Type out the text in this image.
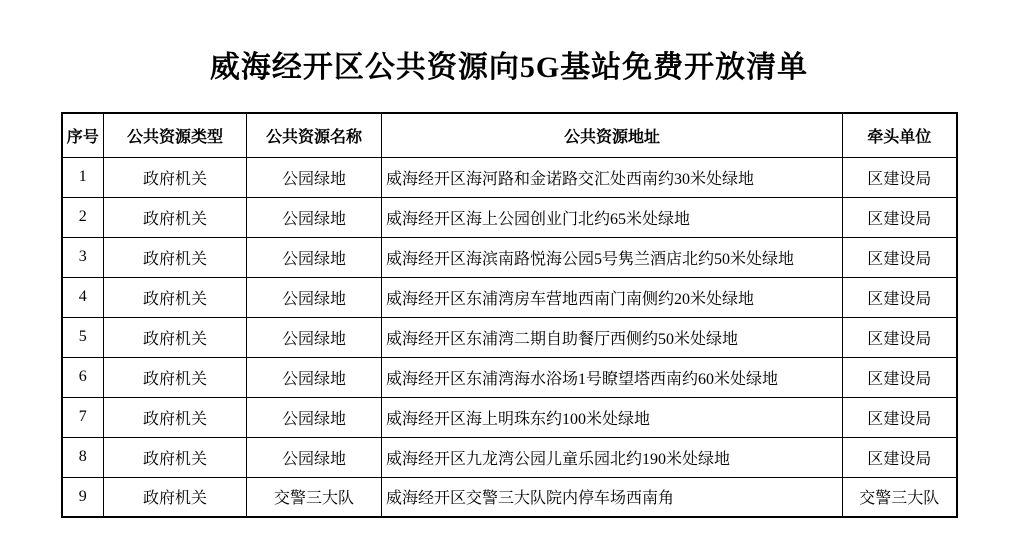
威海经开区公共资源向5G基站免费开放清单
序号	公共资源类型	公共资源名称	公共资源地址	牵头单位
1	政府机关	公园绿地	威海经开区海河路和金诺路交汇处西南约30米处绿地	区建设局
2	政府机关	公园绿地	威海经开区海上公园创业门北约65米处绿地	区建设局
3	政府机关	公园绿地	威海经开区海滨南路悦海公园5号隽兰酒店北约50米处绿地	区建设局
4	政府机关	公园绿地	威海经开区东浦湾房车营地西南门南侧约20米处绿地	区建设局
5	政府机关	公园绿地	威海经开区东浦湾二期自助餐厅西侧约50米处绿地	区建设局
6	政府机关	公园绿地	威海经开区东浦湾海水浴场1号瞭望塔西南约60米处绿地	区建设局
7	政府机关	公园绿地	威海经开区海上明珠东约100米处绿地	区建设局
8	政府机关	公园绿地	威海经开区九龙湾公园儿童乐园北约190米处绿地	区建设局
9	政府机关	交警三大队	威海经开区交警三大队院内停车场西南角	交警三大队
